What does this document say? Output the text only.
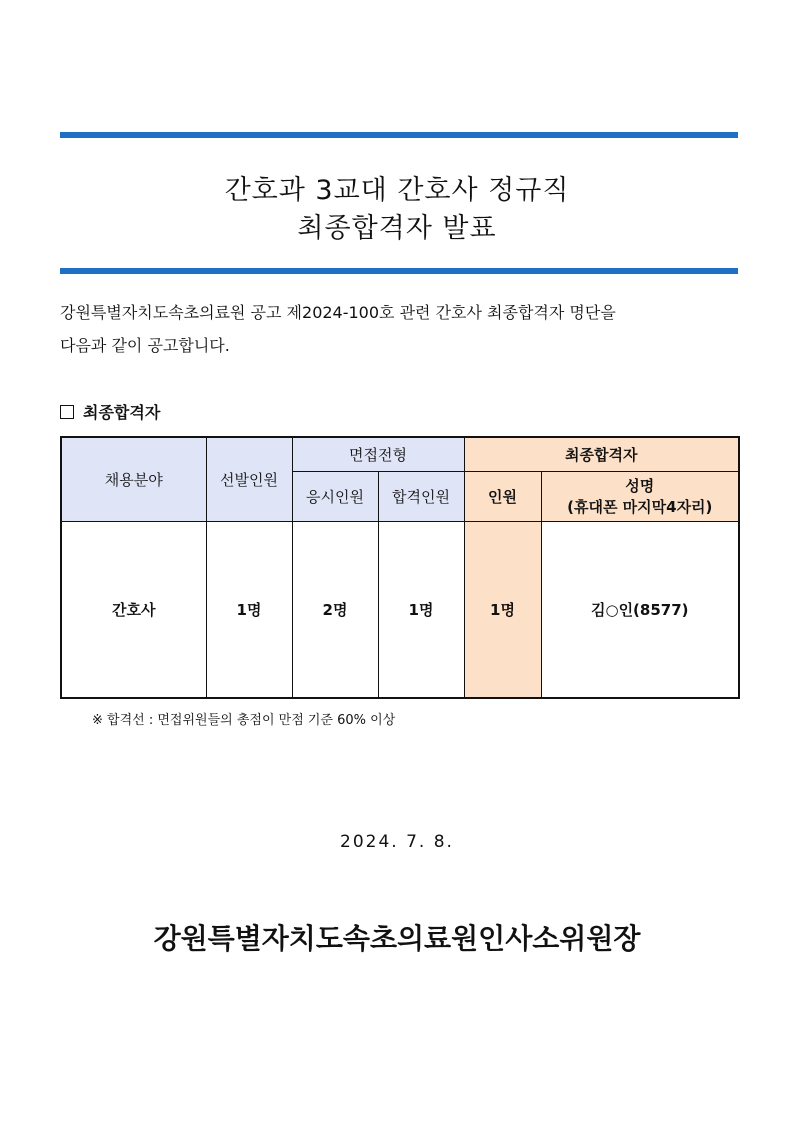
간호과 3교대 간호사 정규직
최종합격자 발표
강원특별자치도속초의료원 공고 제2024-100호 관련 간호사 최종합격자 명단을
다음과 같이 공고합니다.
최종합격자
채용분야	선발인원	면접전형		최종합격자	
		응시인원	합격인원	인원	성명
(휴대폰 마지막4자리)

간호사	1명	2명	1명	1명	김○인(8577)
※ 합격선 : 면접위원들의 총점이 만점 기준 60% 이상
2024. 7. 8.
강원특별자치도속초의료원인사소위원장
